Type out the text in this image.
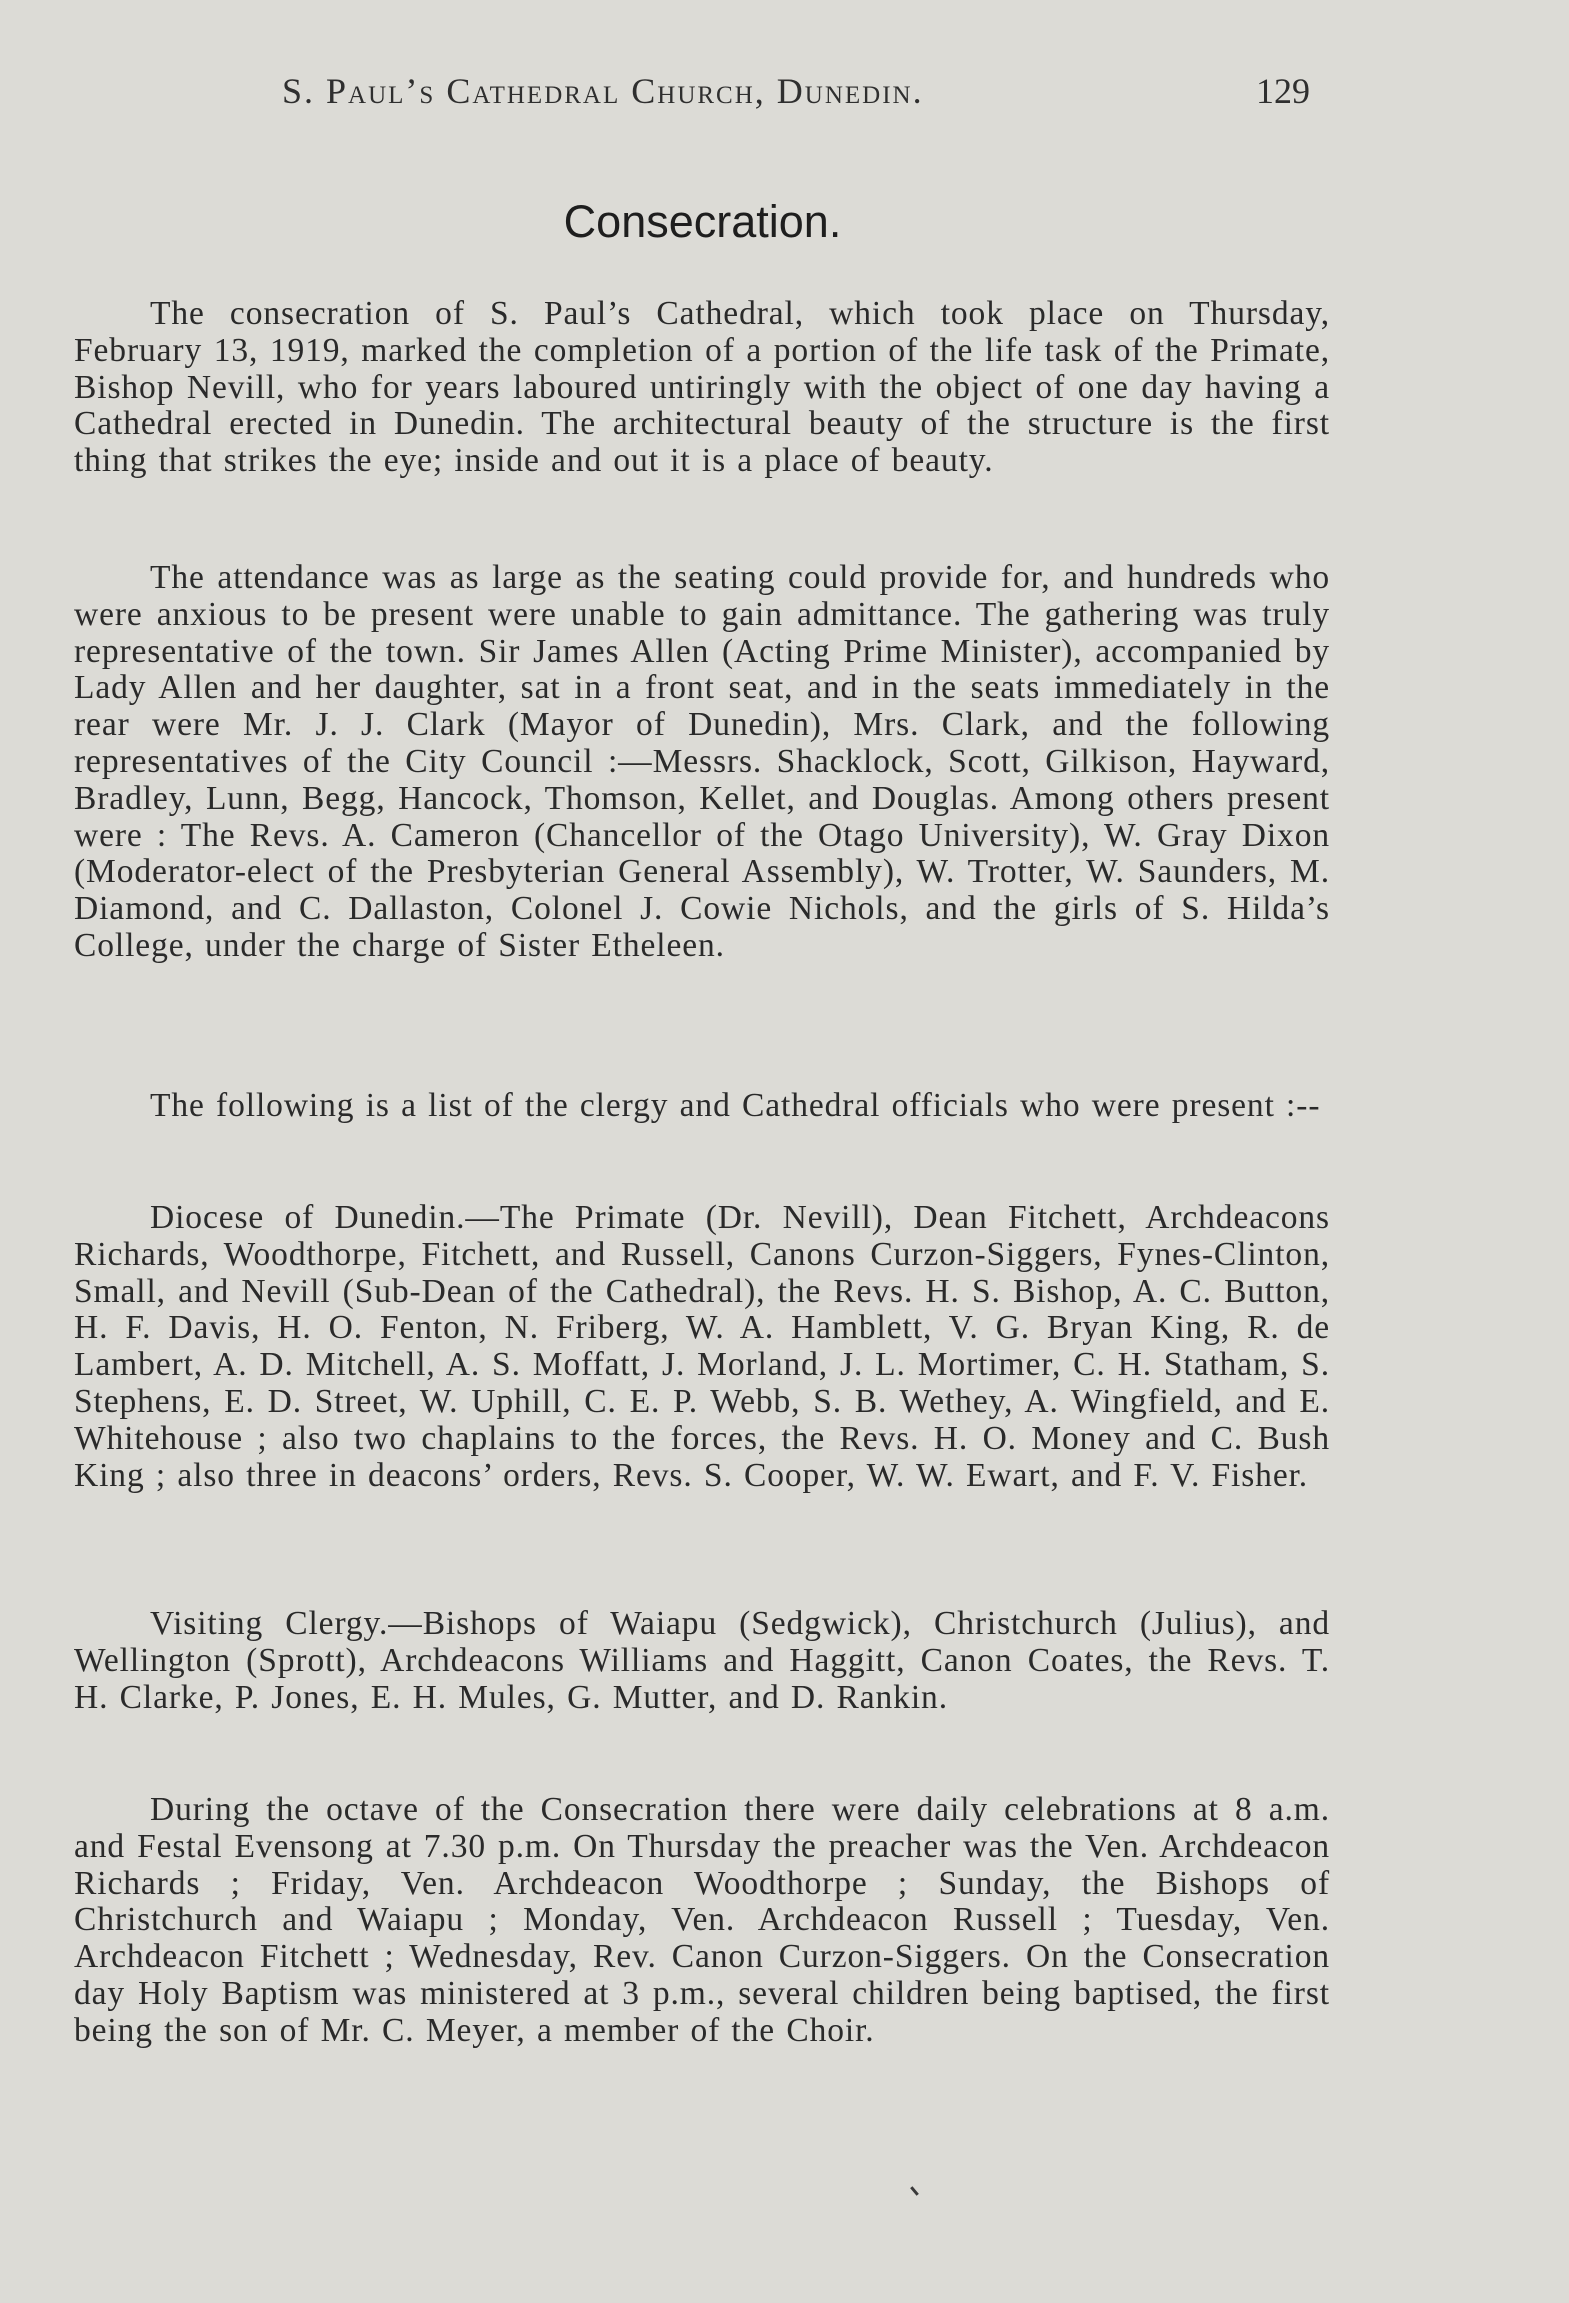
S. Paul’s Cathedral Church, Dunedin.	129
Consecration.

The consecration of S. Paul’s Cathedral, which took place on Thursday, February 13, 1919, marked the completion of a portion of the life task of the Primate, Bishop Nevill, who for years laboured untiringly with the object of one day having a Cathedral erected in Dunedin. The architectural beauty of the structure is the first thing that strikes the eye; inside and out it is a place of beauty.

The attendance was as large as the seating could provide for, and hundreds who were anxious to be present were unable to gain admittance. The gathering was truly representative of the town. Sir James Allen (Acting Prime Minister), accompanied by Lady Allen and her daughter, sat in a front seat, and in the seats immediately in the rear were Mr. J. J. Clark (Mayor of Dunedin), Mrs. Clark, and the following representatives of the City Council :—Messrs. Shacklock, Scott, Gilkison, Hayward, Bradley, Lunn, Begg, Hancock, Thomson, Kellet, and Douglas. Among others present were : The Revs. A. Cameron (Chancellor of the Otago University), W. Gray Dixon (Moderator-elect of the Presbyterian General Assembly), W. Trotter, W. Saunders, M. Diamond, and C. Dallaston, Colonel J. Cowie Nichols, and the girls of S. Hilda’s College, under the charge of Sister Etheleen.

The following is a list of the clergy and Cathedral officials who were present :--

Diocese of Dunedin.—The Primate (Dr. Nevill), Dean Fitchett, Archdeacons Richards, Woodthorpe, Fitchett, and Russell, Canons Curzon-Siggers, Fynes-Clinton, Small, and Nevill (Sub-Dean of the Cathedral), the Revs. H. S. Bishop, A. C. Button, H. F. Davis, H. O. Fenton, N. Friberg, W. A. Hamblett, V. G. Bryan King, R. de Lambert, A. D. Mitchell, A. S. Moffatt, J. Morland, J. L. Mortimer, C. H. Statham, S. Stephens, E. D. Street, W. Uphill, C. E. P. Webb, S. B. Wethey, A. Wingfield, and E. Whitehouse ; also two chaplains to the forces, the Revs. H. O. Money and C. Bush King ; also three in deacons’ orders, Revs. S. Cooper, W. W. Ewart, and F. V. Fisher.

Visiting Clergy.—Bishops of Waiapu (Sedgwick), Christchurch (Julius), and Wellington (Sprott), Archdeacons Williams and Haggitt, Canon Coates, the Revs. T. H. Clarke, P. Jones, E. H. Mules, G. Mutter, and D. Rankin.

During the octave of the Consecration there were daily celebrations at 8 a.m. and Festal Evensong at 7.30 p.m. On Thursday the preacher was the Ven. Archdeacon Richards ; Friday, Ven. Archdeacon Woodthorpe ; Sunday, the Bishops of Christchurch and Waiapu ; Monday, Ven. Archdeacon Russell ; Tuesday, Ven. Archdeacon Fitchett ; Wednesday, Rev. Canon Curzon-Siggers. On the Consecration day Holy Baptism was ministered at 3 p.m., several children being baptised, the first being the son of Mr. C. Meyer, a member of the Choir.
